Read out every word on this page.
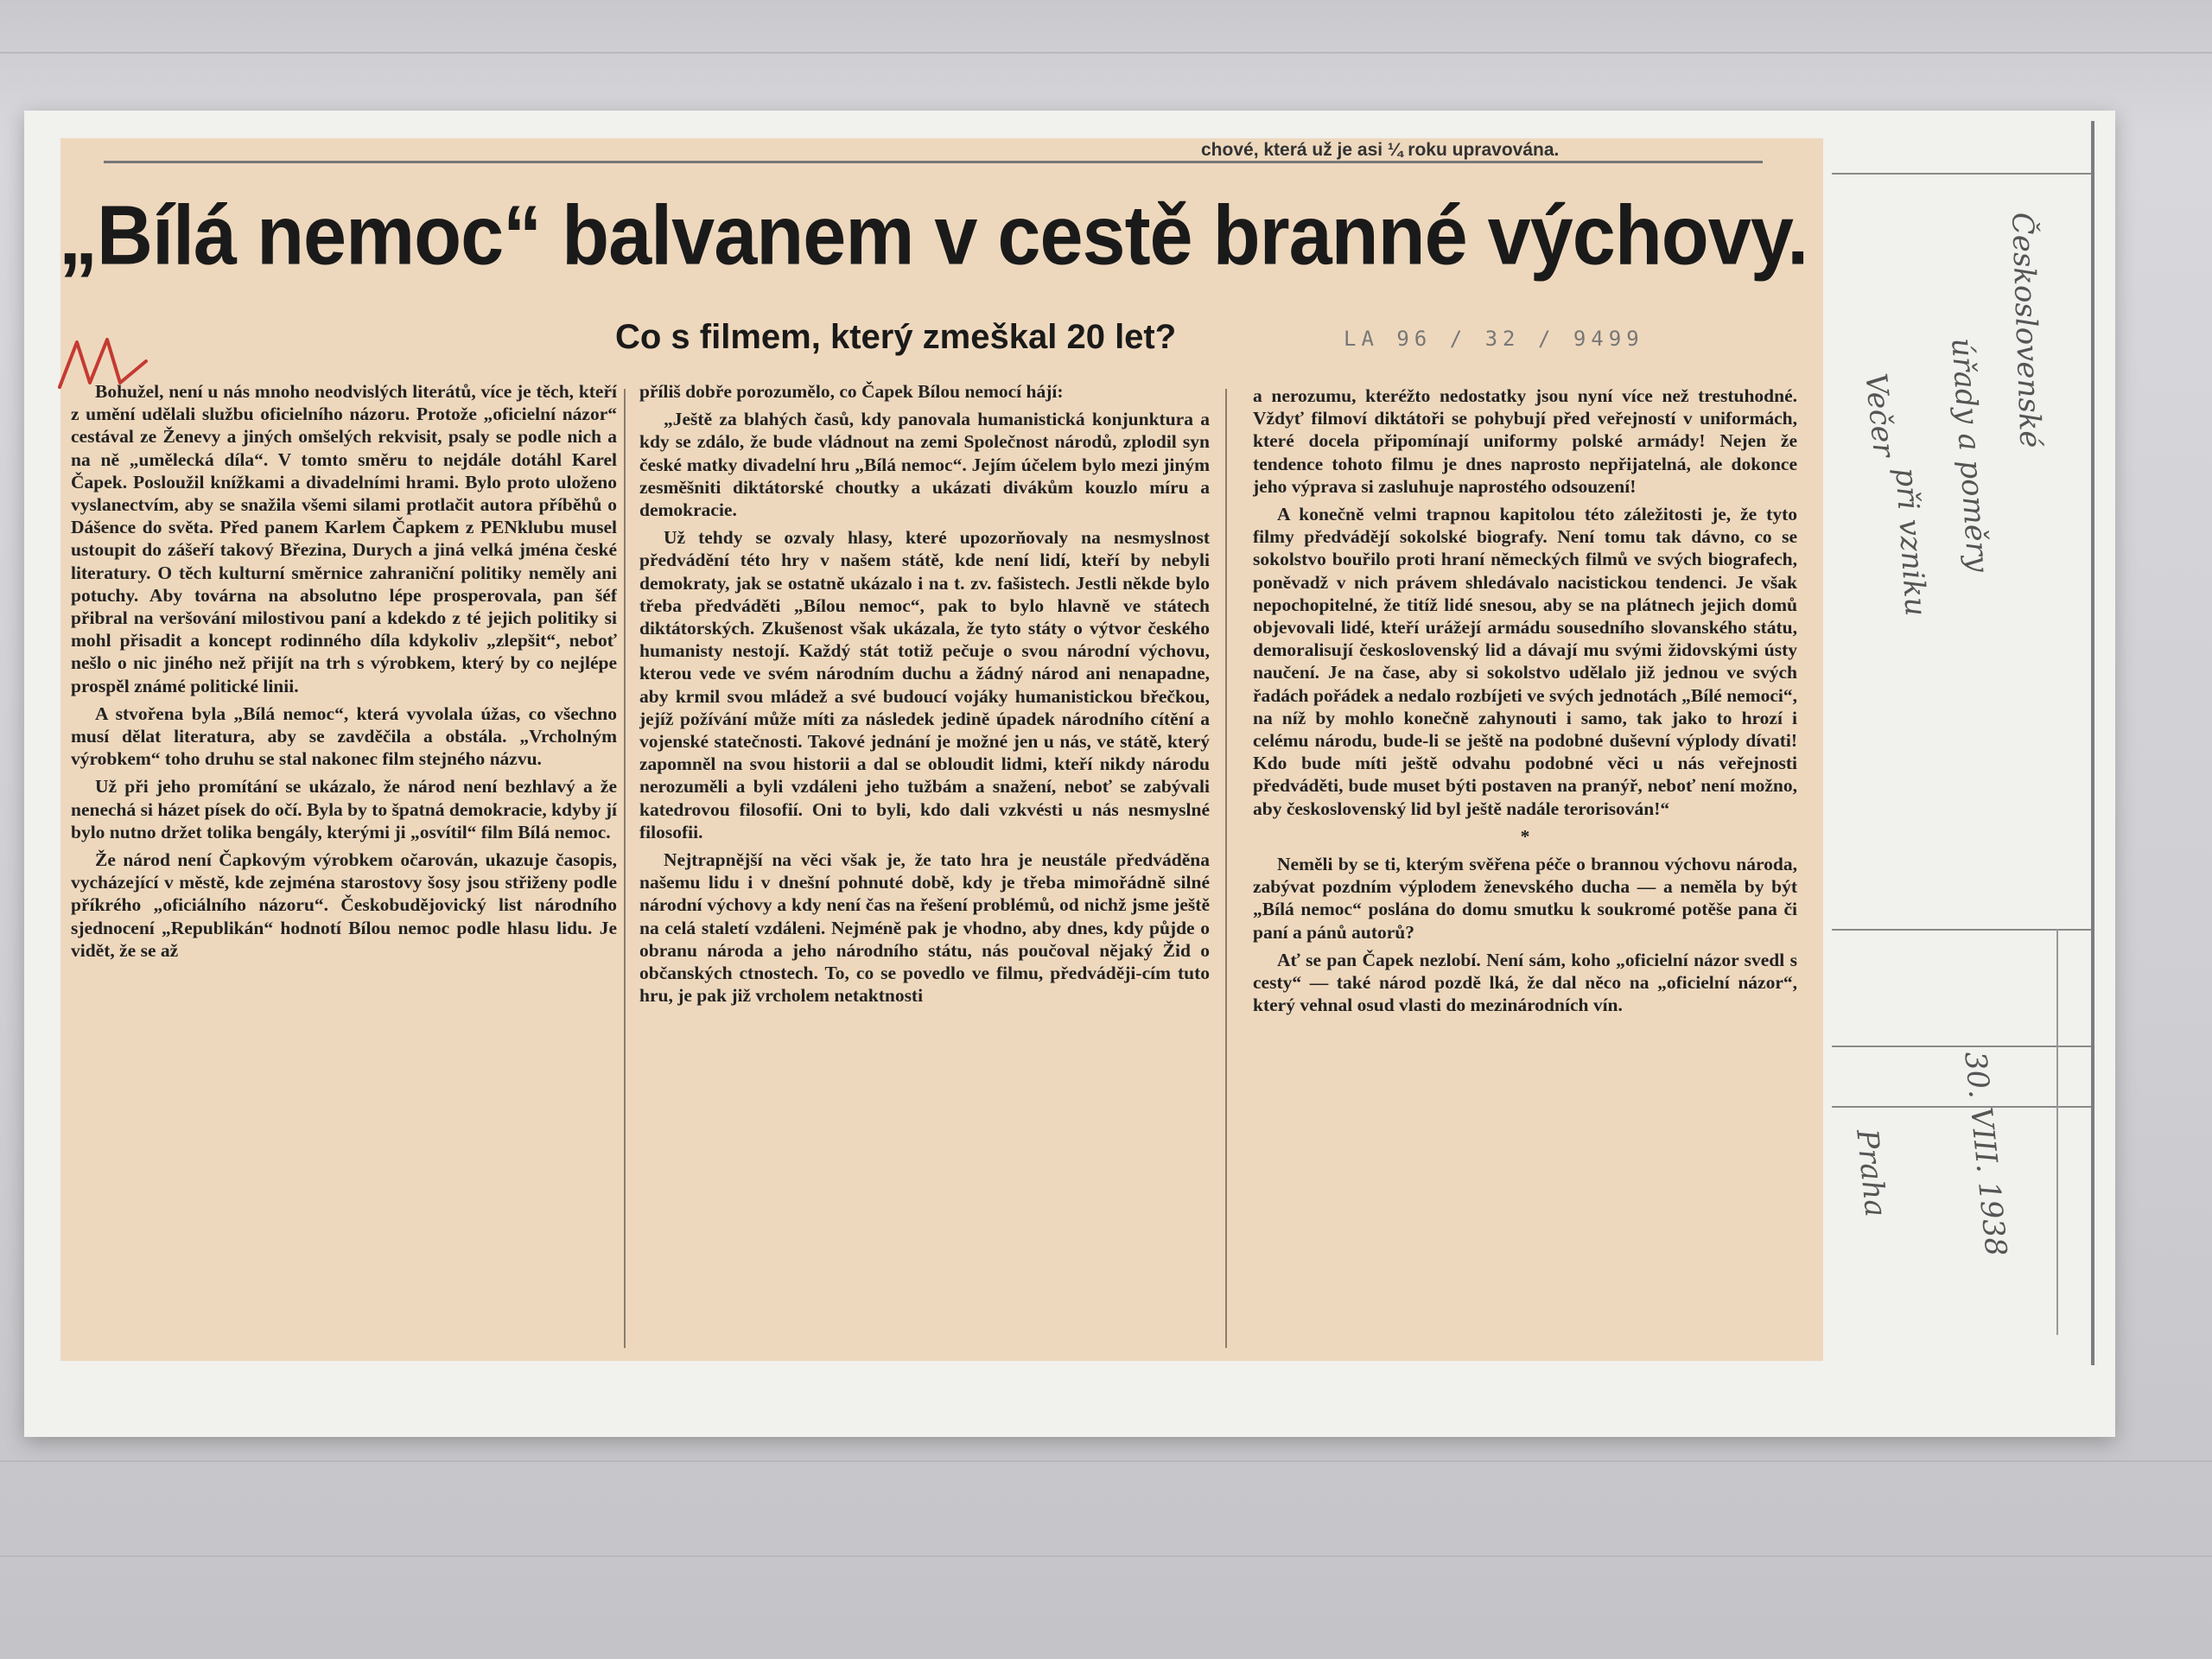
chové, která už je asi ¼ roku upravována.
„Bílá nemoc“ balvanem v cestě branné výchovy.
Co s filmem, který zmeškal 20 let?	LA 96 / 32 / 9499

Bohužel, není u nás mnoho neodvislých literátů, více je těch, kteří z umění udělali službu oficielního názoru. Protože „oficielní názor“ cestával ze Ženevy a jiných omšelých rekvisit, psaly se podle nich a na ně „umělecká díla“. V tomto směru to nejdále dotáhl Karel Čapek. Posloužil knížkami a divadelními hrami. Bylo proto uloženo vyslanectvím, aby se snažila všemi silami protlačit autora příběhů o Dášence do světa. Před panem Karlem Čapkem z PENklubu musel ustoupit do zášeří takový Březina, Durych a jiná velká jména české literatury. O těch kulturní směrnice zahraniční politiky neměly ani potuchy. Aby továrna na absolutno lépe prosperovala, pan šéf přibral na veršování milostivou paní a kdekdo z té jejich politiky si mohl přisadit a koncept rodinného díla kdykoliv „zlepšit“, neboť nešlo o nic jiného než přijít na trh s výrobkem, který by co nejlépe prospěl známé politické linii.

A stvořena byla „Bílá nemoc“, která vyvolala úžas, co všechno musí dělat literatura, aby se zavděčila a obstála. „Vrcholným výrobkem“ toho druhu se stal nakonec film stejného názvu.

Už při jeho promítání se ukázalo, že národ není bezhlavý a že nenechá si házet písek do očí. Byla by to špatná demokracie, kdyby jí bylo nutno držet tolika bengály, kterými ji „osvítil“ film Bílá nemoc.

Že národ není Čapkovým výrobkem očarován, ukazuje časopis, vycházející v městě, kde zejména starostovy šosy jsou střiženy podle příkrého „oficiálního názoru“. Českobudějovický list národního sjednocení „Republikán“ hodnotí Bílou nemoc podle hlasu lidu. Je vidět, že se až

příliš dobře porozumělo, co Čapek Bílou nemocí hájí:

„Ještě za blahých časů, kdy panovala humanistická konjunktura a kdy se zdálo, že bude vládnout na zemi Společnost národů, zplodil syn české matky divadelní hru „Bílá nemoc“. Jejím účelem bylo mezi jiným zesměšniti diktátorské choutky a ukázati divákům kouzlo míru a demokracie.

Už tehdy se ozvaly hlasy, které upozorňovaly na nesmyslnost předvádění této hry v našem státě, kde není lidí, kteří by nebyli demokraty, jak se ostatně ukázalo i na t. zv. fašistech. Jestli někde bylo třeba předváděti „Bílou nemoc“, pak to bylo hlavně ve státech diktátorských. Zkušenost však ukázala, že tyto státy o výtvor českého humanisty nestojí. Každý stát totiž pečuje o svou národní výchovu, kterou vede ve svém národním duchu a žádný národ ani nenapadne, aby krmil svou mládež a své budoucí vojáky humanistickou břečkou, jejíž požívání může míti za následek jedině úpadek národního cítění a vojenské statečnosti. Takové jednání je možné jen u nás, ve státě, který zapomněl na svou historii a dal se obloudit lidmi, kteří nikdy národu nerozuměli a byli vzdáleni jeho tužbám a snažení, neboť se zabývali katedrovou filosofií. Oni to byli, kdo dali vzkvésti u nás nesmyslné filosofii.

Nejtrapnější na věci však je, že tato hra je neustále předváděna našemu lidu i v dnešní pohnuté době, kdy je třeba mimořádně silné národní výchovy a kdy není čas na řešení problémů, od nichž jsme ještě na celá staletí vzdáleni. Nejméně pak je vhodno, aby dnes, kdy půjde o obranu národa a jeho národního státu, nás poučoval nějaký Žid o občanských ctnostech. To, co se povedlo ve filmu, předváději-cím tuto hru, je pak již vrcholem netaktnosti

a nerozumu, kteréžto nedostatky jsou nyní více než trestuhodné. Vždyť filmoví diktátoři se pohybují před veřejností v uniformách, které docela připomínají uniformy polské armády! Nejen že tendence tohoto filmu je dnes naprosto nepřijatelná, ale dokonce jeho výprava si zasluhuje naprostého odsouzení!

A konečně velmi trapnou kapitolou této záležitosti je, že tyto filmy předvádějí sokolské biografy. Není tomu tak dávno, co se sokolstvo bouřilo proti hraní německých filmů ve svých biografech, poněvadž v nich právem shledávalo nacistickou tendenci. Je však nepochopitelné, že titíž lidé snesou, aby se na plátnech jejich domů objevovali lidé, kteří urážejí armádu sousedního slovanského státu, demoralisují československý lid a dávají mu svými židovskými ústy naučení. Je na čase, aby si sokolstvo udělalo již jednou ve svých řadách pořádek a nedalo rozbíjeti ve svých jednotách „Bílé nemoci“, na níž by mohlo konečně zahynouti i samo, tak jako to hrozí i celému národu, bude-li se ještě na podobné duševní výplody dívati! Kdo bude míti ještě odvahu podobné věci u nás veřejnosti předváděti, bude muset býti postaven na pranýř, neboť není možno, aby československý lid byl ještě nadále terorisován!“

*

Neměli by se ti, kterým svěřena péče o brannou výchovu národa, zabývat pozdním výplodem ženevského ducha — a neměla by být „Bílá nemoc“ poslána do domu smutku k soukromé potěše pana či paní a pánů autorů?

Ať se pan Čapek nezlobí. Není sám, koho „oficielní názor svedl s cesty“ — také národ pozdě lká, že dal něco na „oficielní názor“, který vehnal osud vlasti do mezinárodních vín.

Československé
úřady a poměry
při vzniku
Večer
30. VIII. 1938
Praha
